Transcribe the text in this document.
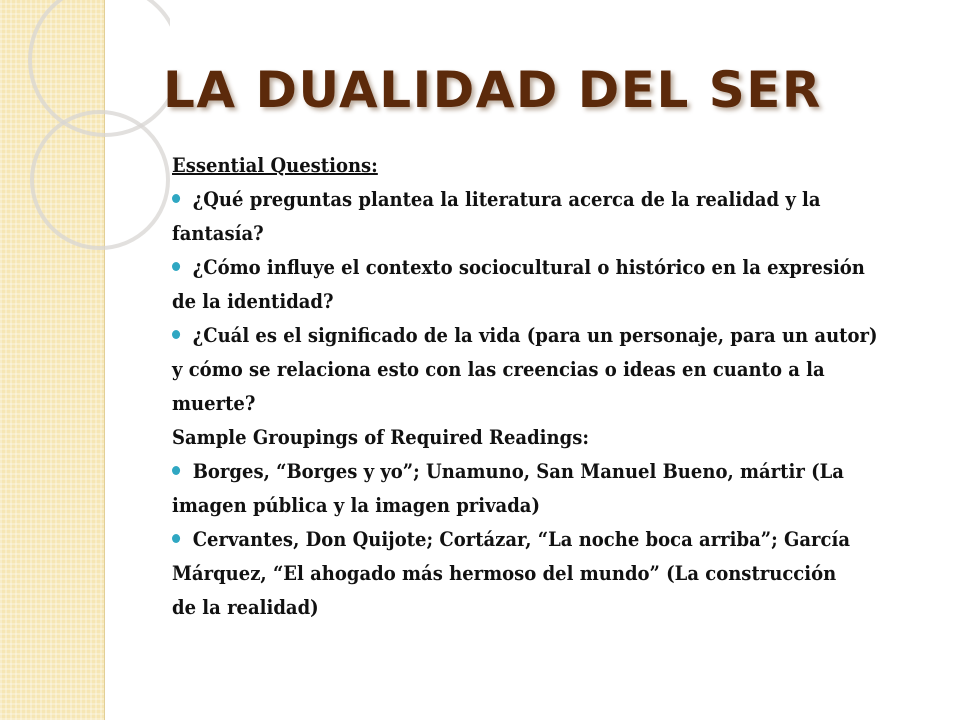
LA DUALIDAD DEL SER
Essential Questions:
¿Qué preguntas plantea la literatura acerca de la realidad y la
fantasía?
¿Cómo influye el contexto sociocultural o histórico en la expresión
de la identidad?
¿Cuál es el significado de la vida (para un personaje, para un autor)
y cómo se relaciona esto con las creencias o ideas en cuanto a la
muerte?
Sample Groupings of Required Readings:
Borges, “Borges y yo”; Unamuno, San Manuel Bueno, mártir (La
imagen pública y la imagen privada)
Cervantes, Don Quijote; Cortázar, “La noche boca arriba”; García
Márquez, “El ahogado más hermoso del mundo” (La construcción
de la realidad)
